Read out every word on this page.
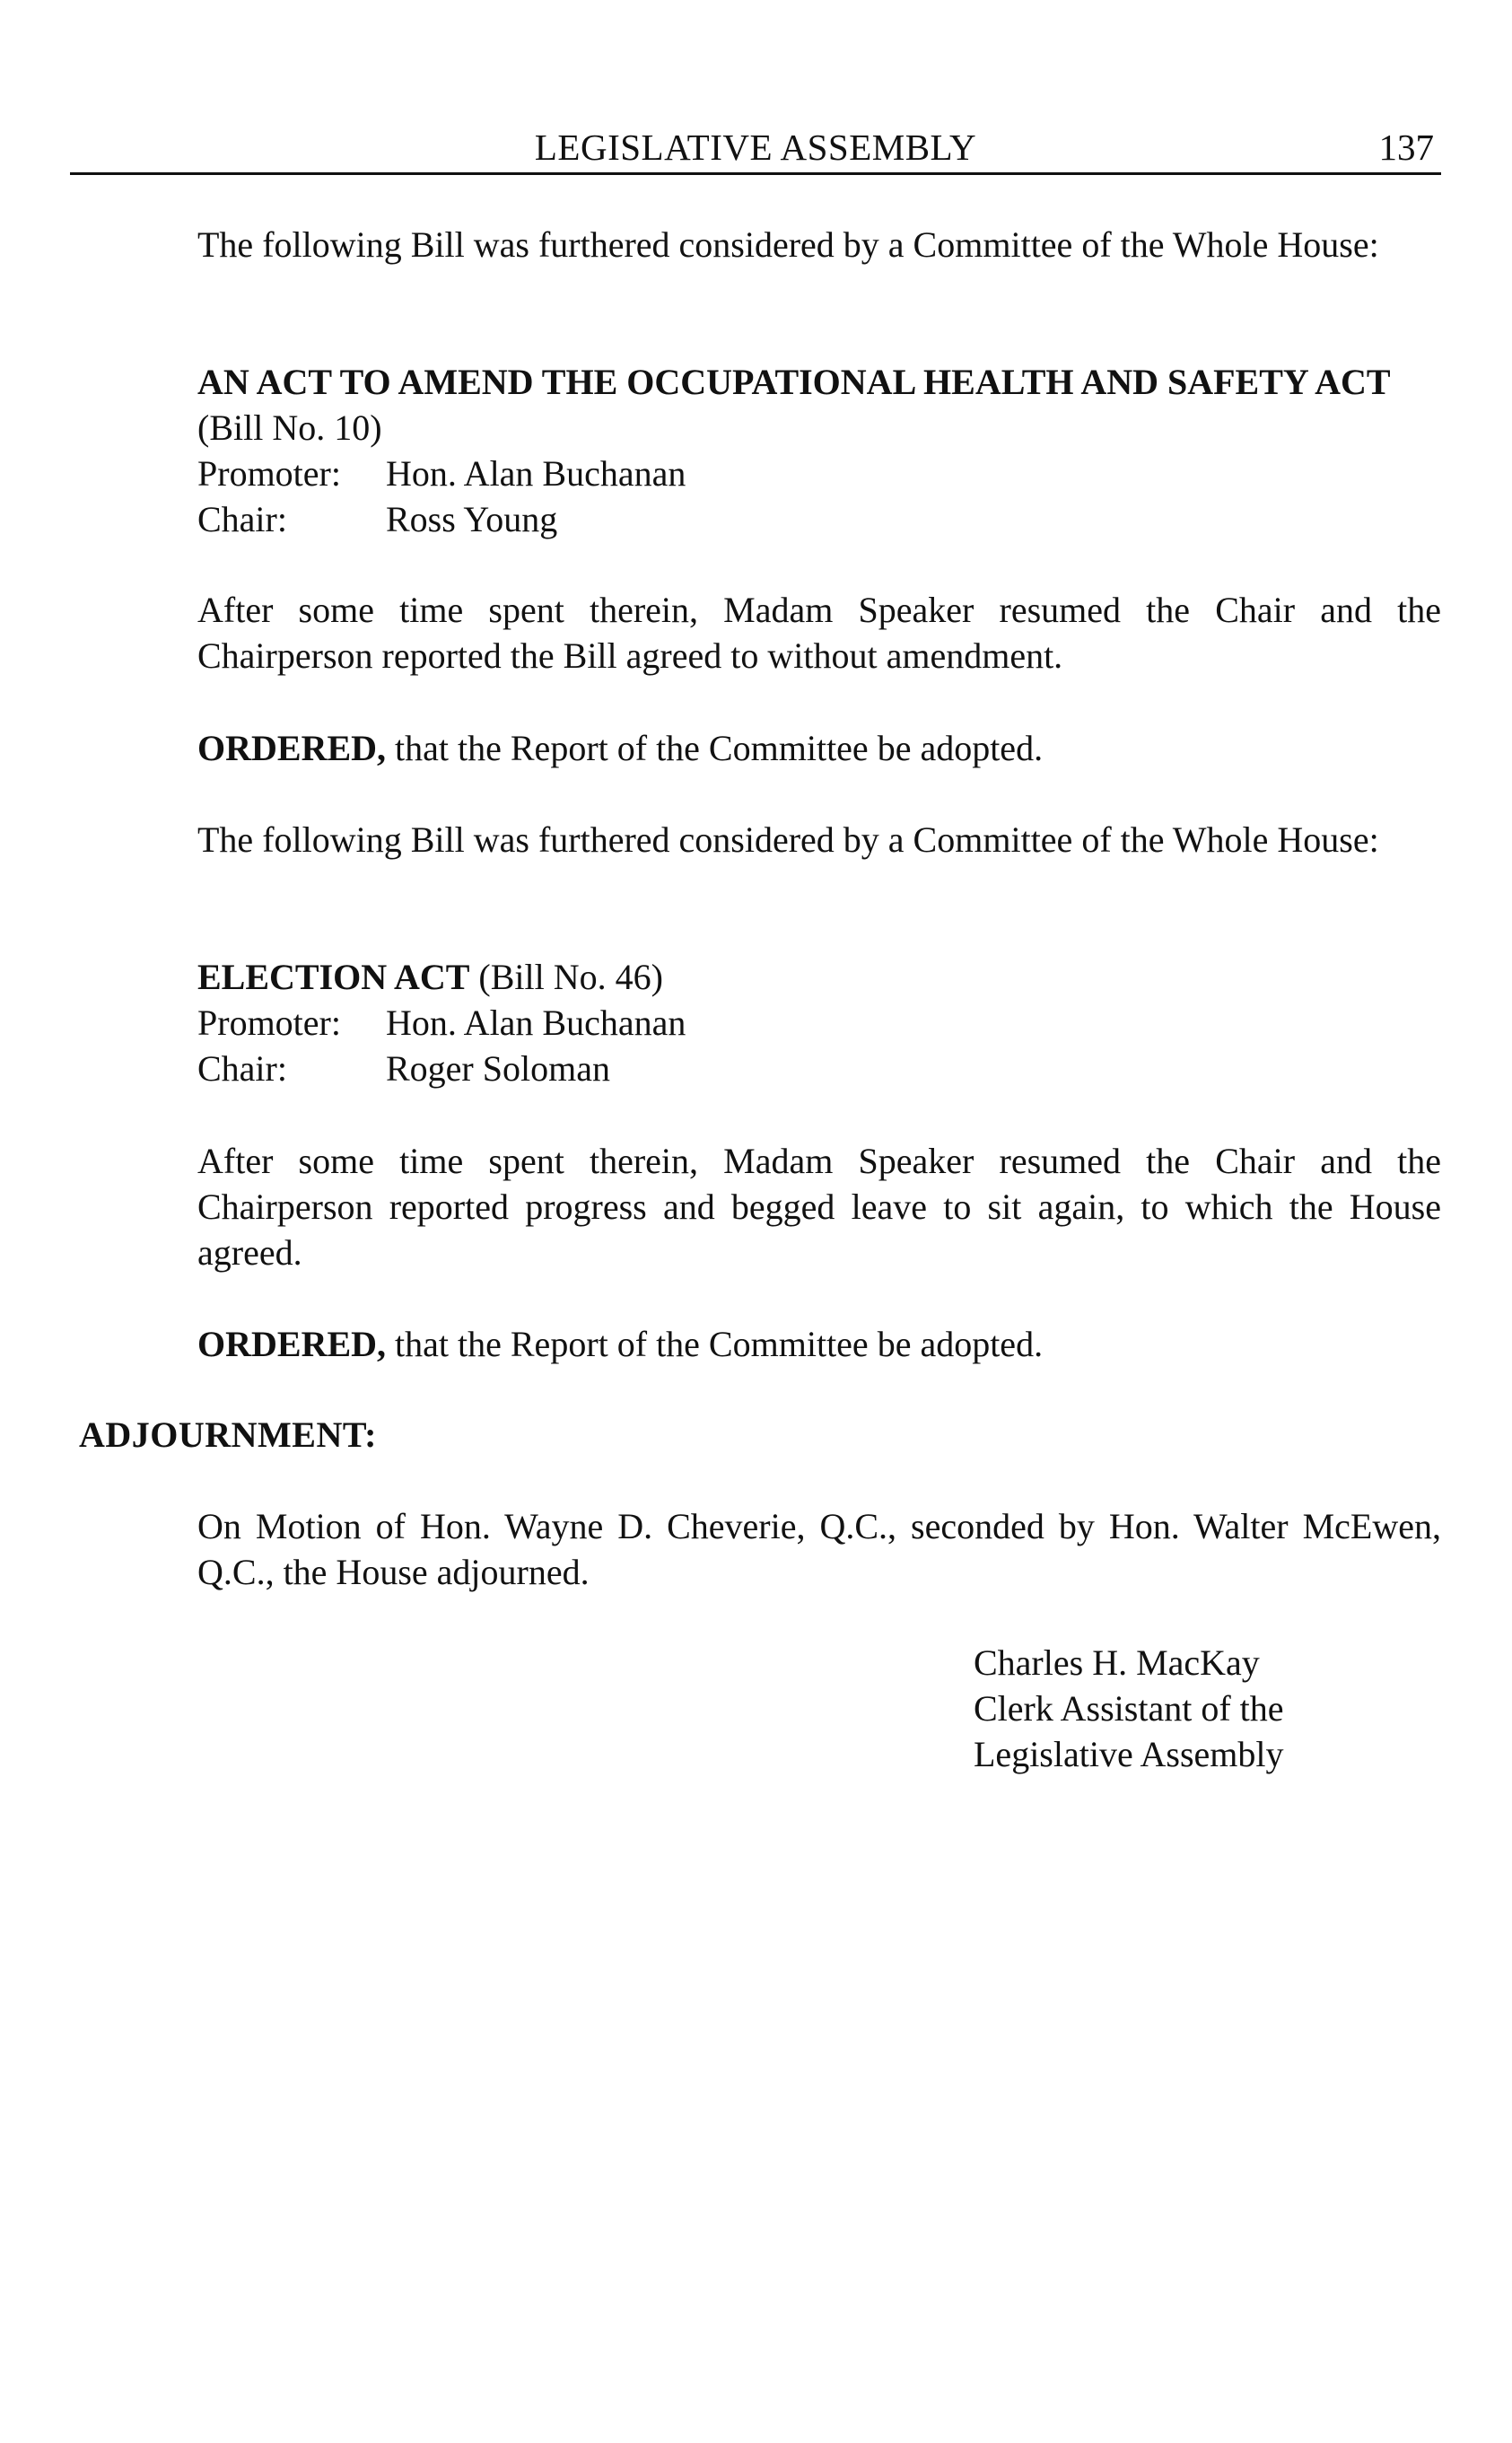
LEGISLATIVE ASSEMBLY	137
The following Bill was furthered considered by a Committee of the Whole House:
AN ACT TO AMEND THE OCCUPATIONAL HEALTH AND SAFETY ACT (Bill No. 10)
Promoter:	Hon. Alan Buchanan
Chair:	Ross Young
After some time spent therein, Madam Speaker resumed the Chair and the Chairperson reported the Bill agreed to without amendment.
ORDERED, that the Report of the Committee be adopted.
The following Bill was furthered considered by a Committee of the Whole House:
ELECTION ACT (Bill No. 46)
Promoter:	Hon. Alan Buchanan
Chair:	Roger Soloman
After some time spent therein, Madam Speaker resumed the Chair and the Chairperson reported progress and begged leave to sit again, to which the House agreed.
ORDERED, that the Report of the Committee be adopted.
ADJOURNMENT:
On Motion of Hon. Wayne D. Cheverie, Q.C., seconded by Hon. Walter McEwen, Q.C., the House adjourned.
Charles H. MacKay
Clerk Assistant of the
Legislative Assembly
